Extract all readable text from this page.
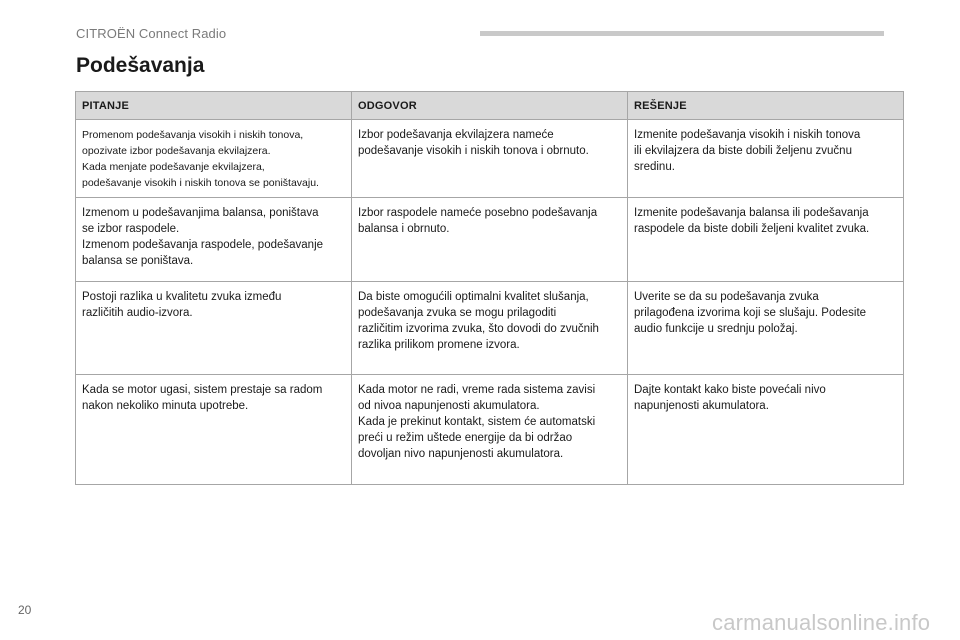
CITROËN Connect Radio
Podešavanja
PITANJE	ODGOVOR	REŠENJE

Promenom podešavanja visokih i niskih tonova,
opozivate izbor podešavanja ekvilajzera.
Kada menjate podešavanje ekvilajzera,
podešavanje visokih i niskih tonova se poništavaju.	Izbor podešavanja ekvilajzera nameće
podešavanje visokih i niskih tonova i obrnuto.	Izmenite podešavanja visokih i niskih tonova
ili ekvilajzera da biste dobili željenu zvučnu
sredinu.

Izmenom u podešavanjima balansa, poništava
se izbor raspodele.
Izmenom podešavanja raspodele, podešavanje
balansa se poništava.	Izbor raspodele nameće posebno podešavanja
balansa i obrnuto.	Izmenite podešavanja balansa ili podešavanja
raspodele da biste dobili željeni kvalitet zvuka.

Postoji razlika u kvalitetu zvuka između
različitih audio-izvora.	Da biste omogućili optimalni kvalitet slušanja,
podešavanja zvuka se mogu prilagoditi
različitim izvorima zvuka, što dovodi do zvučnih
razlika prilikom promene izvora.	Uverite se da su podešavanja zvuka
prilagođena izvorima koji se slušaju. Podesite
audio funkcije u srednju položaj.

Kada se motor ugasi, sistem prestaje sa radom
nakon nekoliko minuta upotrebe.	Kada motor ne radi, vreme rada sistema zavisi
od nivoa napunjenosti akumulatora.
Kada je prekinut kontakt, sistem će automatski
preći u režim uštede energije da bi održao
dovoljan nivo napunjenosti akumulatora.	Dajte kontakt kako biste povećali nivo
napunjenosti akumulatora.
20	carmanualsonline.info
